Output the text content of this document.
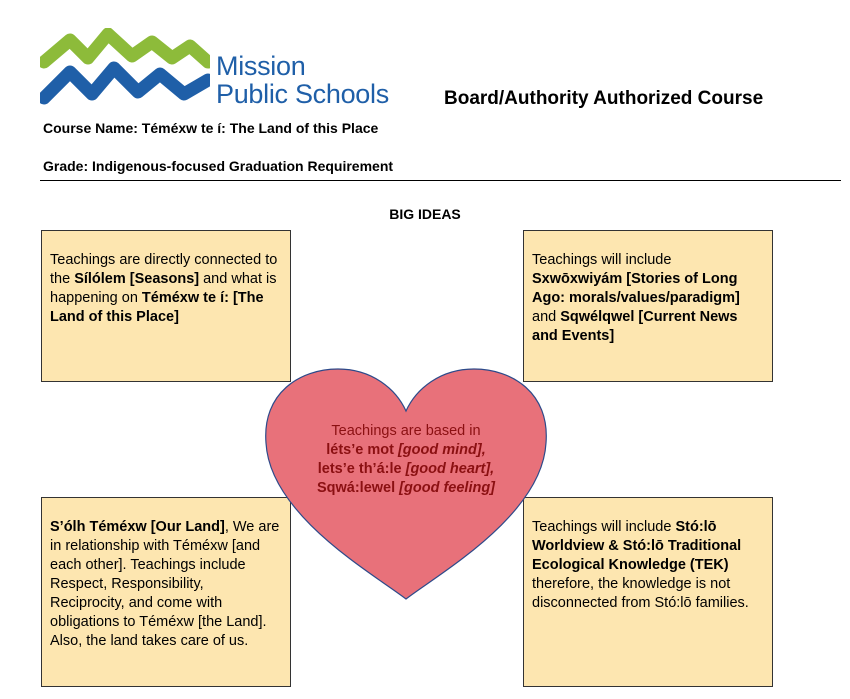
Mission
Public Schools	Board/Authority Authorized Course
Course Name: Téméxw te í: The Land of this Place
Grade: Indigenous-focused Graduation Requirement
BIG IDEAS

Teachings are directly connected to the Sílólem [Seasons] and what is happening on Téméxw te í: [The Land of this Place]

Teachings will include Sxwōxwiyám [Stories of Long Ago: morals/values/paradigm] and Sqwélqwel [Current News and Events]

S’ólh Téméxw [Our Land], We are in relationship with Téméxw [and each other]. Teachings include Respect, Responsibility, Reciprocity, and come with obligations to Téméxw [the Land]. Also, the land takes care of us.

Teachings will include Stó:lō Worldview & Stó:lō Traditional Ecological Knowledge (TEK) therefore, the knowledge is not disconnected from Stó:lō families.

Teachings are based in
léts’e mot [good mind],
lets’e th’á:le [good heart],
Sqwá:lewel [good feeling]
